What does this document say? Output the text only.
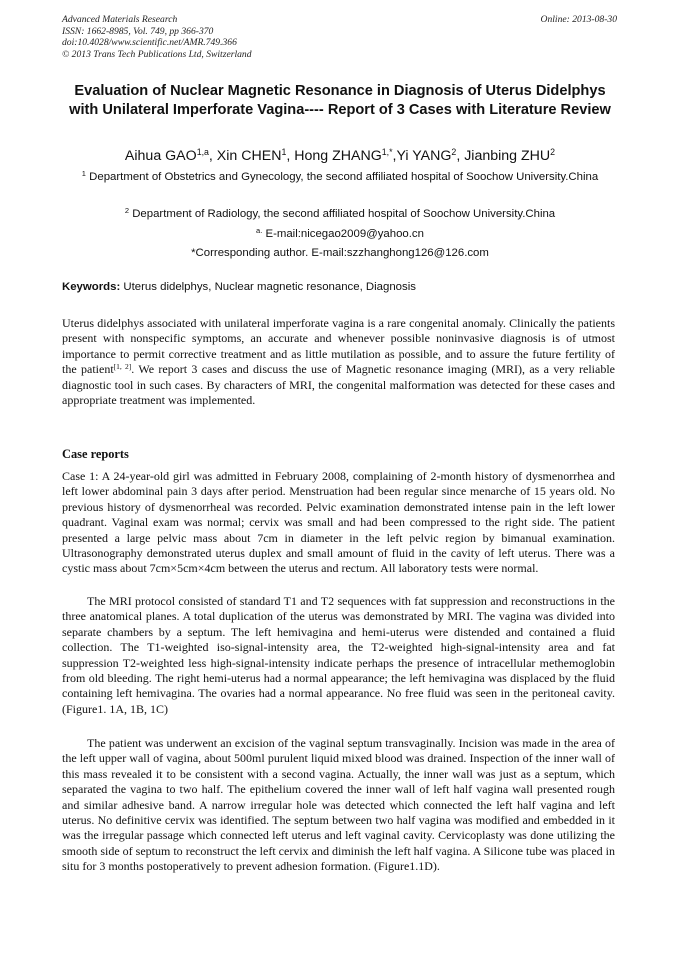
Advanced Materials Research
ISSN: 1662-8985, Vol. 749, pp 366-370
doi:10.4028/www.scientific.net/AMR.749.366
© 2013 Trans Tech Publications Ltd, Switzerland
Online: 2013-08-30
Evaluation of Nuclear Magnetic Resonance in Diagnosis of Uterus Didelphys with Unilateral Imperforate Vagina---- Report of 3 Cases with Literature Review
Aihua GAO$^{1,a}$, Xin CHEN$^1$, Hong $ZHANG^{1,*},Yi$ YANG$^2$, Jianbing ZHU$^2$
$^1$ Department of Obstetrics and Gynecology, the second affiliated hospital of Soochow University.China
$^2$ Department of Radiology, the second affiliated hospital of Soochow University.China
$^{a.}$ E-mail:nicegao2009@yahoo.cn
*Corresponding author. E-mail:szzhanghong126@126.com
Keywords: Uterus didelphys, Nuclear magnetic resonance, Diagnosis

Uterus didelphys associated with unilateral imperforate vagina is a rare congenital anomaly. Clinically the patients present with nonspecific symptoms, an accurate and whenever possible noninvasive diagnosis is of utmost importance to permit corrective treatment and as little mutilation as possible, and to assure the future fertility of the patient[1, 2]. We report 3 cases and discuss the use of Magnetic resonance imaging (MRI), as a very reliable diagnostic tool in such cases. By characters of MRI, the congenital malformation was detected for these cases and appropriate treatment was implemented.

Case reports

Case 1: A 24-year-old girl was admitted in February 2008, complaining of 2-month history of dysmenorrhea and left lower abdominal pain 3 days after period. Menstruation had been regular since menarche of 15 years old. No previous history of dysmenorrheal was recorded. Pelvic examination demonstrated intense pain in the left lower quadrant. Vaginal exam was normal; cervix was small and had been compressed to the right side. The patient presented a large pelvic mass about 7cm in diameter in the left pelvic region by bimanual examination. Ultrasonography demonstrated uterus duplex and small amount of fluid in the cavity of left uterus. There was a cystic mass about 7cm×5cm×4cm between the uterus and rectum. All laboratory tests were normal.

The MRI protocol consisted of standard T1 and T2 sequences with fat suppression and reconstructions in the three anatomical planes. A total duplication of the uterus was demonstrated by MRI. The vagina was divided into separate chambers by a septum. The left hemivagina and hemi-uterus were distended and contained a fluid collection. The T1-weighted iso-signal-intensity area, the T2-weighted high-signal-intensity area and fat suppression T2-weighted less high-signal-intensity indicate perhaps the presence of intracellular methemoglobin from old bleeding. The right hemi-uterus had a normal appearance; the left hemivagina was displaced by the fluid containing left hemivagina. The ovaries had a normal appearance. No free fluid was seen in the peritoneal cavity. (Figure1. 1A, 1B, 1C)

The patient was underwent an excision of the vaginal septum transvaginally. Incision was made in the area of the left upper wall of vagina, about 500ml purulent liquid mixed blood was drained. Inspection of the inner wall of this mass revealed it to be consistent with a second vagina. Actually, the inner wall was just as a septum, which separated the vagina to two half. The epithelium covered the inner wall of left half vagina wall presented rough and similar adhesive band. A narrow irregular hole was detected which connected the left half vagina and left uterus. No definitive cervix was identified. The septum between two half vagina was modified and embedded in it was the irregular passage which connected left uterus and left vaginal cavity. Cervicoplasty was done utilizing the smooth side of septum to reconstruct the left cervix and diminish the left half vagina. A Silicone tube was placed in situ for 3 months postoperatively to prevent adhesion formation. (Figure1.1D).
